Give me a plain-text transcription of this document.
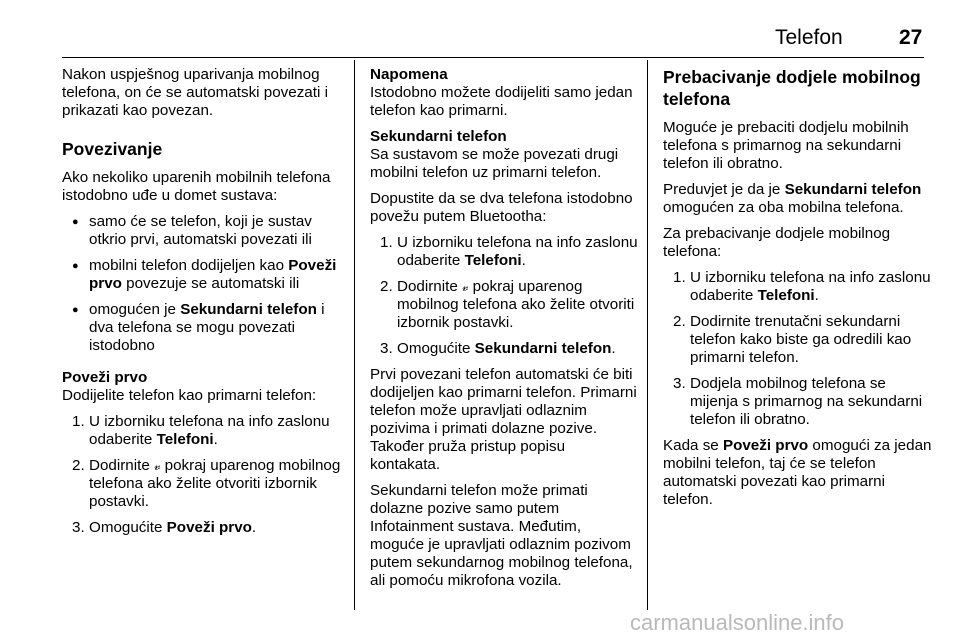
Telefon	27

Nakon uspješnog uparivanja mobilnog telefona, on će se automatski povezati i prikazati kao povezan.

Povezivanje

Ako nekoliko uparenih mobilnih telefona istodobno uđe u domet sustava:

● samo će se telefon, koji je sustav otkrio prvi, automatski povezati ili
● mobilni telefon dodijeljen kao Poveži prvo povezuje se automatski ili
● omogućen je Sekundarni telefon i dva telefona se mogu povezati istodobno

Poveži prvo
Dodijelite telefon kao primarni telefon:

1. U izborniku telefona na info zaslonu odaberite Telefoni.
2. Dodirnite 𝓋 pokraj uparenog mobilnog telefona ako želite otvoriti izbornik postavki.
3. Omogućite Poveži prvo.

Napomena
Istodobno možete dodijeliti samo jedan telefon kao primarni.

Sekundarni telefon
Sa sustavom se može povezati drugi mobilni telefon uz primarni telefon.

Dopustite da se dva telefona istodobno povežu putem Bluetootha:

1. U izborniku telefona na info zaslonu odaberite Telefoni.
2. Dodirnite 𝓋 pokraj uparenog mobilnog telefona ako želite otvoriti izbornik postavki.
3. Omogućite Sekundarni telefon.

Prvi povezani telefon automatski će biti dodijeljen kao primarni telefon. Primarni telefon može upravljati odlaznim pozivima i primati dolazne pozive. Također pruža pristup popisu kontakata.

Sekundarni telefon može primati dolazne pozive samo putem Infotainment sustava. Međutim, moguće je upravljati odlaznim pozivom putem sekundarnog mobilnog telefona, ali pomoću mikrofona vozila.

Prebacivanje dodjele mobilnog telefona

Moguće je prebaciti dodjelu mobilnih telefona s primarnog na sekundarni telefon ili obratno.

Preduvjet je da je Sekundarni telefon omogućen za oba mobilna telefona.

Za prebacivanje dodjele mobilnog telefona:

1. U izborniku telefona na info zaslonu odaberite Telefoni.
2. Dodirnite trenutačni sekundarni telefon kako biste ga odredili kao primarni telefon.
3. Dodjela mobilnog telefona se mijenja s primarnog na sekundarni telefon ili obratno.

Kada se Poveži prvo omogući za jedan mobilni telefon, taj će se telefon automatski povezati kao primarni telefon.

carmanualsonline.info
